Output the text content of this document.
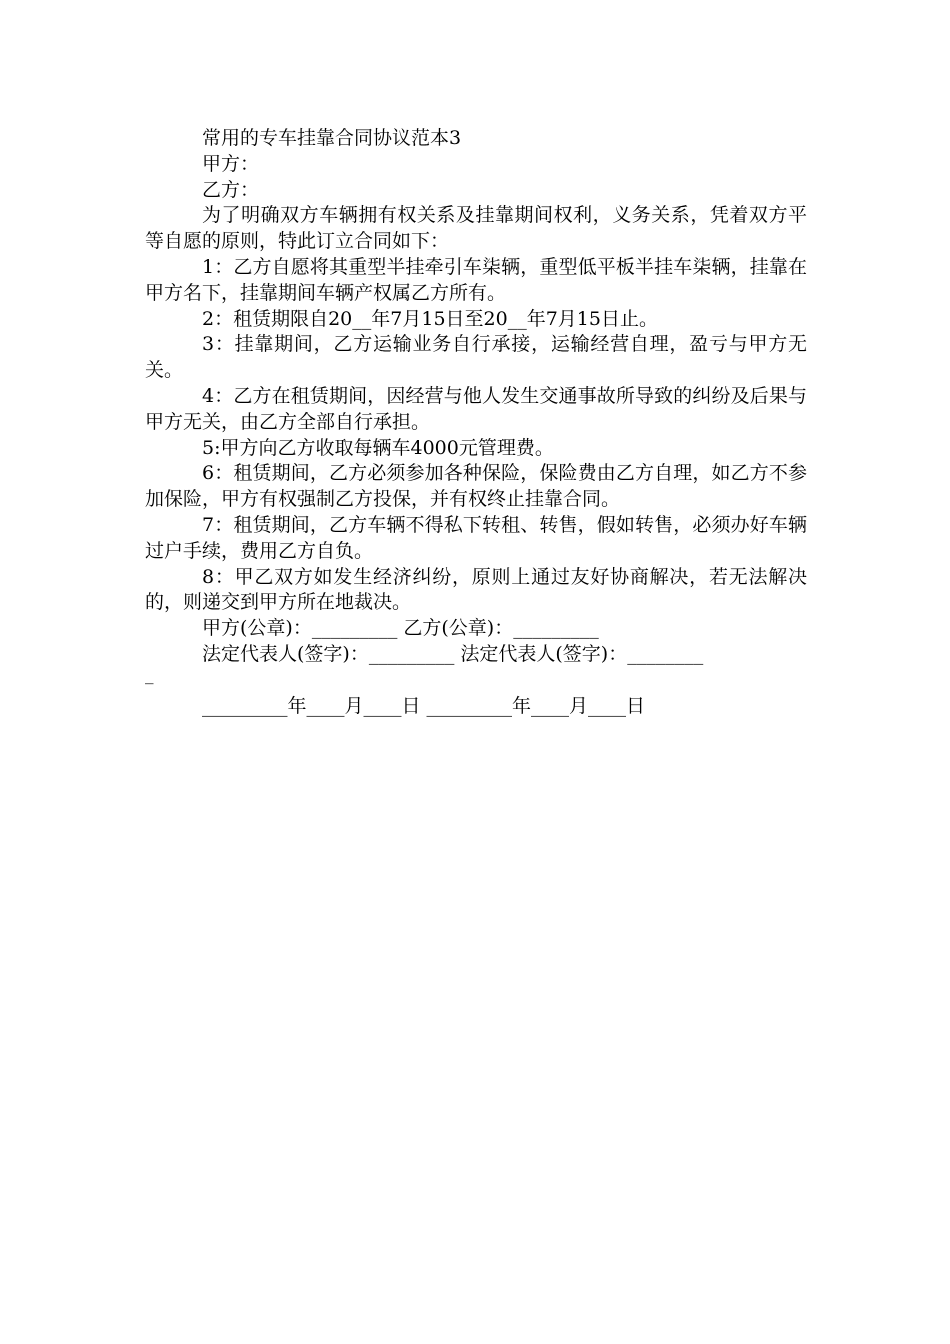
常用的专车挂靠合同协议范本3
甲方：
乙方：
为了明确双方车辆拥有权关系及挂靠期间权利，义务关系，凭着双方平等自愿的原则，特此订立合同如下：
1：乙方自愿将其重型半挂牵引车柒辆，重型低平板半挂车柒辆，挂靠在甲方名下，挂靠期间车辆产权属乙方所有。
2：租赁期限自20__年7月15日至20__年7月15日止。
3：挂靠期间，乙方运输业务自行承接，运输经营自理，盈亏与甲方无关。
4：乙方在租赁期间，因经营与他人发生交通事故所导致的纠纷及后果与甲方无关，由乙方全部自行承担。
5:甲方向乙方收取每辆车4000元管理费。
6：租赁期间，乙方必须参加各种保险，保险费由乙方自理，如乙方不参加保险，甲方有权强制乙方投保，并有权终止挂靠合同。
7：租赁期间，乙方车辆不得私下转租、转售，假如转售，必须办好车辆过户手续，费用乙方自负。
8：甲乙双方如发生经济纠纷，原则上通过友好协商解决，若无法解决的，则递交到甲方所在地裁决。
甲方(公章)：_________ 乙方(公章)：_________
法定代表人(签字)：_________ 法定代表人(签字)：________
_
_________年____月____日 _________年____月____日
